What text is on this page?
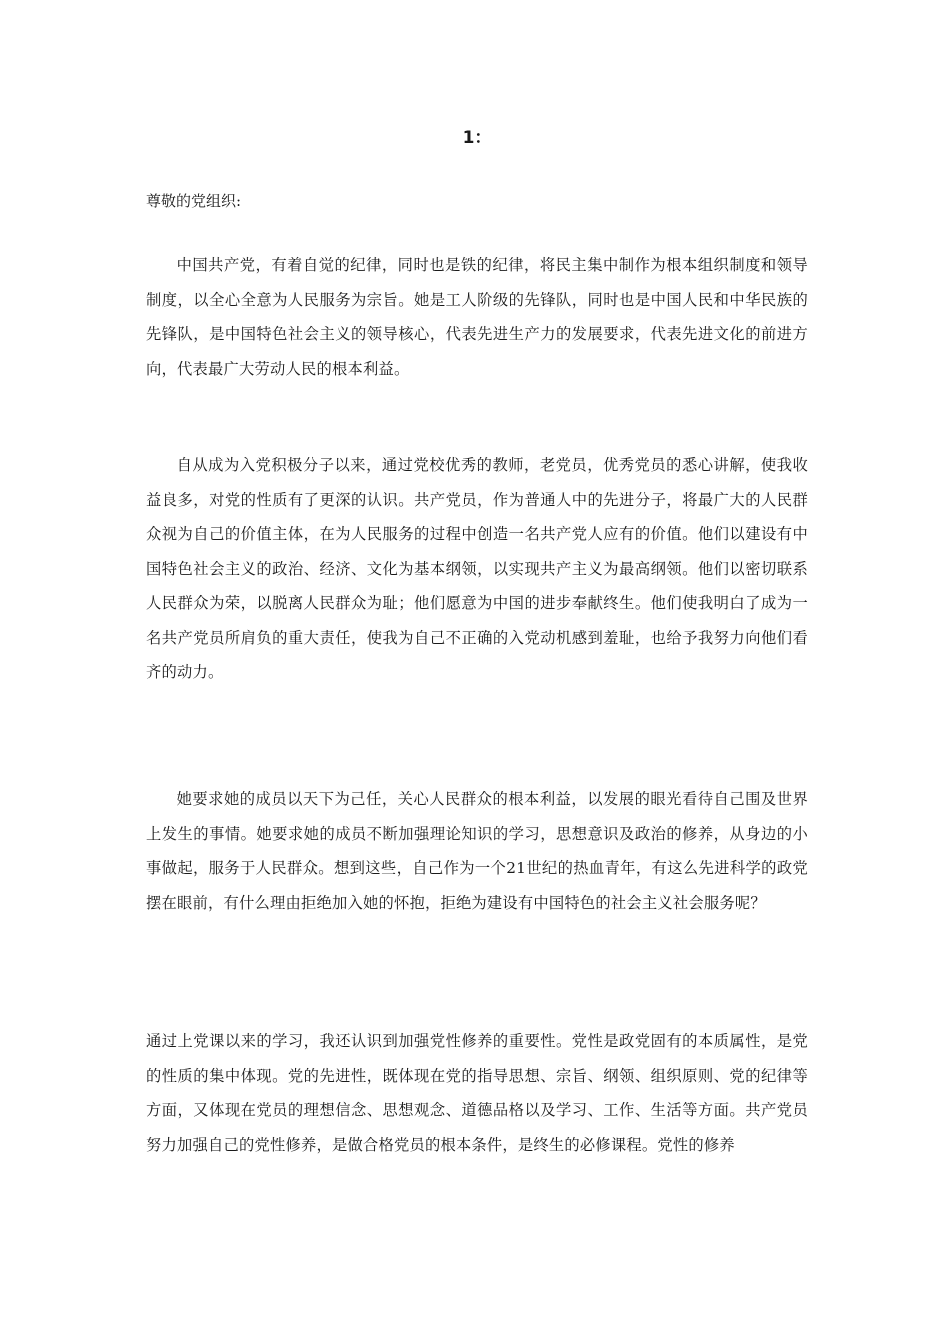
1：

尊敬的党组织:

中国共产党，有着自觉的纪律，同时也是铁的纪律，将民主集中制作为根本组织制度和领导制度，以全心全意为人民服务为宗旨。她是工人阶级的先锋队，同时也是中国人民和中华民族的先锋队，是中国特色社会主义的领导核心，代表先进生产力的发展要求，代表先进文化的前进方向，代表最广大劳动人民的根本利益。

自从成为入党积极分子以来，通过党校优秀的教师，老党员，优秀党员的悉心讲解，使我收益良多，对党的性质有了更深的认识。共产党员，作为普通人中的先进分子，将最广大的人民群众视为自己的价值主体，在为人民服务的过程中创造一名共产党人应有的价值。他们以建设有中国特色社会主义的政治、经济、文化为基本纲领，以实现共产主义为最高纲领。他们以密切联系人民群众为荣，以脱离人民群众为耻；他们愿意为中国的进步奉献终生。他们使我明白了成为一名共产党员所肩负的重大责任，使我为自己不正确的入党动机感到羞耻，也给予我努力向他们看齐的动力。

她要求她的成员以天下为己任，关心人民群众的根本利益，以发展的眼光看待自己围及世界上发生的事情。她要求她的成员不断加强理论知识的学习，思想意识及政治的修养，从身边的小事做起，服务于人民群众。想到这些，自己作为一个21世纪的热血青年，有这么先进科学的政党摆在眼前，有什么理由拒绝加入她的怀抱，拒绝为建设有中国特色的社会主义社会服务呢？

通过上党课以来的学习，我还认识到加强党性修养的重要性。党性是政党固有的本质属性，是党的性质的集中体现。党的先进性，既体现在党的指导思想、宗旨、纲领、组织原则、党的纪律等方面，又体现在党员的理想信念、思想观念、道德品格以及学习、工作、生活等方面。共产党员努力加强自己的党性修养，是做合格党员的根本条件，是终生的必修课程。党性的修养
